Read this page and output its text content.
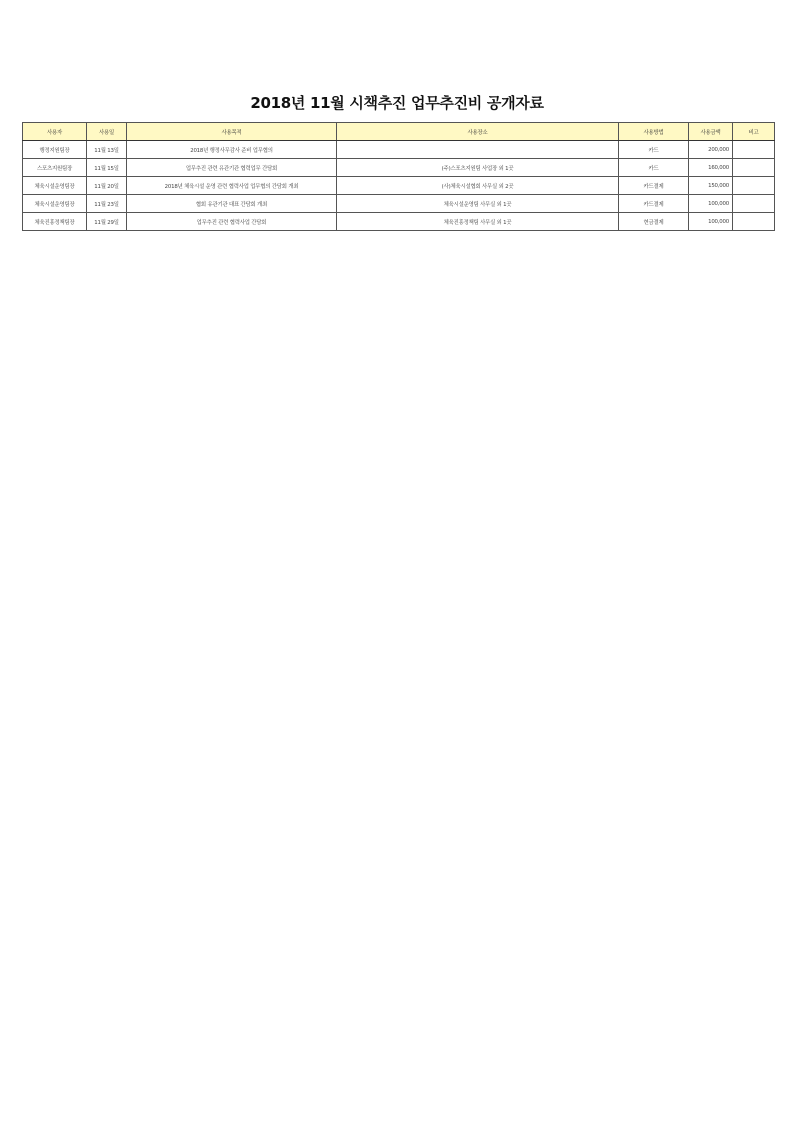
2018년 11월 시책추진 업무추진비 공개자료
사용자	사용일	사용목적	사용장소	사용방법	사용금액	비고
행정지원팀장	11월 13일	2018년 행정사무감사 준비 업무협의		카드	200,000	
스포츠지원팀장	11월 15일	업무추진 관련 유관기관 협력업무 간담회	(주)스포츠지원팀 사업장 외 1곳	카드	160,000	
체육시설운영팀장	11월 20일	2018년 체육시설 운영 관련 협력사업 업무협의 간담회 개최	(사)체육시설협회 사무실 외 2곳	카드결제	150,000	
체육시설운영팀장	11월 23일	협회 유관기관 대표 간담회 개최	체육시설운영팀 사무실 외 1곳	카드결제	100,000	
체육진흥정책팀장	11월 29일	업무추진 관련 협력사업 간담회	체육진흥정책팀 사무실 외 1곳	현금결제	100,000	
